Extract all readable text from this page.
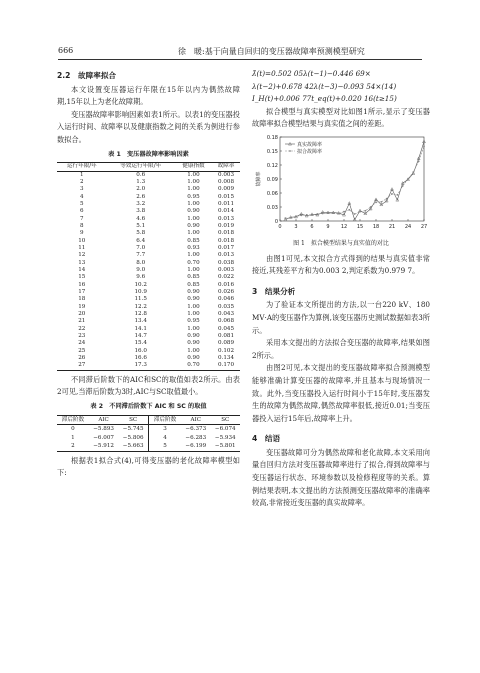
666	徐　暖:基于向量自回归的变压器故障率预测模型研究
2.2　故障率拟合

本文设置变压器运行年限在15年以内为偶然故障期,15年以上为老化故障期。

变压器故障率影响因素如表1所示。以表1的变压器投入运行时间、故障率以及健康指数之间的关系为例进行参数拟合。

表 1　变压器故障率影响因素
运行年限/年	等效运行年限/年	健康指数	故障率
1	0.6	1.00	0.003
2	1.3	1.00	0.008
3	2.0	1.00	0.009
4	2.6	0.95	0.015
5	3.2	1.00	0.011
6	3.8	0.90	0.014
7	4.6	1.00	0.013
8	5.1	0.90	0.019
9	5.8	1.00	0.018
10	6.4	0.85	0.018
11	7.0	0.93	0.017
12	7.7	1.00	0.013
13	8.0	0.70	0.038
14	9.0	1.00	0.003
15	9.6	0.85	0.022
16	10.2	0.85	0.016
17	10.9	0.90	0.026
18	11.5	0.90	0.046
19	12.2	1.00	0.035
20	12.8	1.00	0.043
21	13.4	0.95	0.068
22	14.1	1.00	0.045
23	14.7	0.90	0.081
24	15.4	0.90	0.089
25	16.0	1.00	0.102
26	16.6	0.90	0.134
27	17.3	0.70	0.170

不同滞后阶数下的AIC和SC的取值如表2所示。由表2可见,当滞后阶数为3时,AIC与SC取值最小。

表 2　不同滞后阶数下 AIC 和 SC 的取值
滞后阶数	AIC	SC	滞后阶数	AIC	SC
0	−5.893	−5.745	3	−6.373	−6.074
1	−6.007	−5.806	4	−6.283	−5.934
2	−5.912	−5.663	5	−6.199	−5.801

根据表1拟合式(4),可得变压器的老化故障率模型如下:

λ̂(t)=0.502 05λ(t−1)−0.446 69×
λ(t−2)+0.678 42λ(t−3)−0.093 54×(14)
I_H(t)+0.006 77t_eq(t)+0.020 16(t≥15)

拟合模型与真实模型对比如图1所示,显示了变压器故障率拟合模型结果与真实值之间的差距。

0
0.03
0.06
0.09
0.12
0.15
0.18
0	3	6	9 12 15 18 21 24 27
故障率
真实故障率
拟合故障率
图 1　拟合模型结果与真实值的对比

由图1可见,本文拟合方式得到的结果与真实值非常接近,其残差平方和为0.003 2,判定系数为0.979 7。

3　结果分析

为了验证本文所提出的方法,以一台220 kV、180 MV·A的变压器作为算例,该变压器历史测试数据如表3所示。

采用本文提出的方法拟合变压器的故障率,结果如图2所示。

由图2可见,本文提出的变压器故障率拟合预测模型能够准确计算变压器的故障率,并且基本与现场情况一致。此外,当变压器投入运行时间小于15年时,变压器发生的故障为偶然故障,偶然故障率很低,接近0.01;当变压器投入运行15年后,故障率上升。

4　结语

变压器故障可分为偶然故障和老化故障,本文采用向量自回归方法对变压器故障率进行了拟合,得到故障率与变压器运行状态、环境参数以及检修程度等的关系。算例结果表明,本文提出的方法预测变压器故障率的准确率较高,非常接近变压器的真实故障率。
